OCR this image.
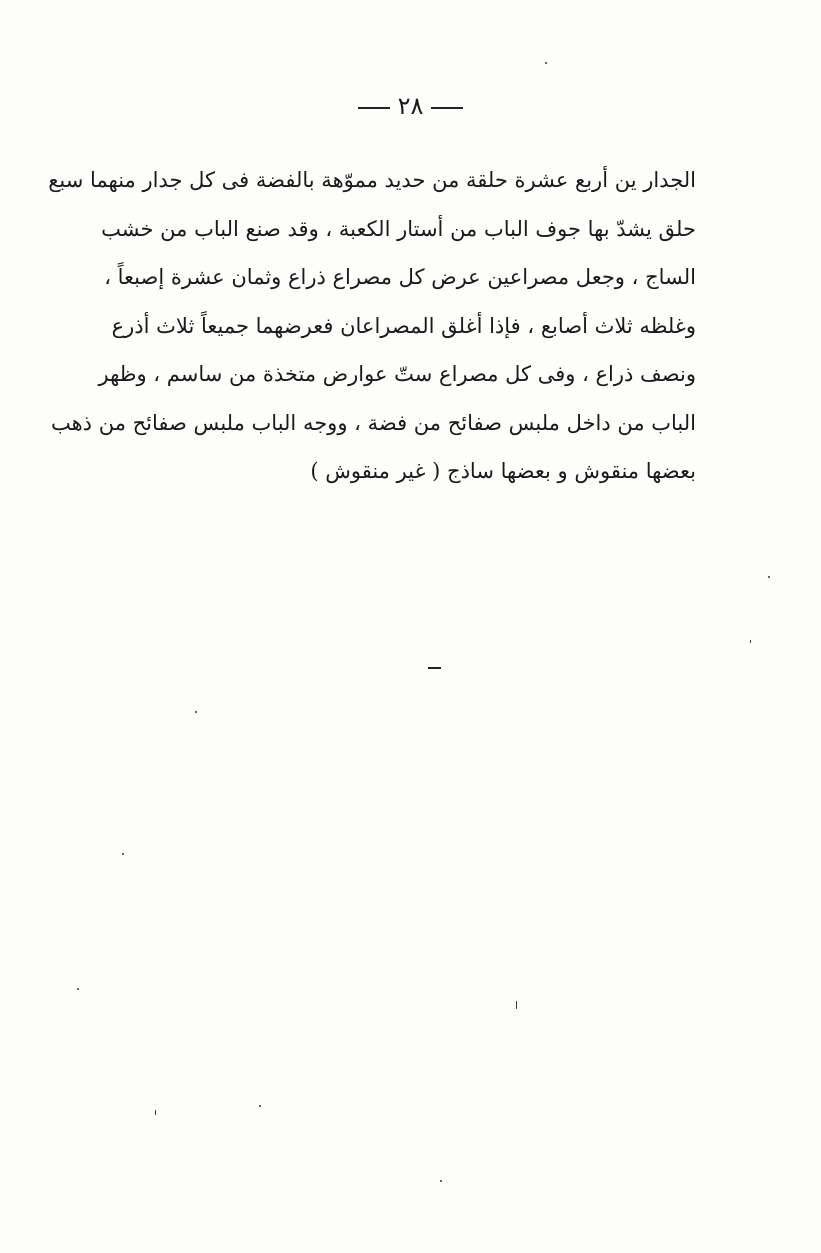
٢٨
الجدار ين أربع عشرة حلقة من حديد مموّهة بالفضة فى كل جدار منهما سبع
حلق يشدّ بها جوف الباب من أستار الكعبة ، وقد صنع الباب من خشب
الساج ، وجعل مصراعين عرض كل مصراع ذراع وثمان عشرة إصبعاً ،
وغلظه ثلاث أصابع ، فإذا أغلق المصراعان فعرضهما جميعاً ثلاث أذرع
ونصف ذراع ، وفى كل مصراع ستّ عوارض متخذة من ساسم ، وظهر
الباب من داخل ملبس صفائح من فضة ، ووجه الباب ملبس صفائح من ذهب
بعضها منقوش و بعضها ساذج ( غير منقوش )
